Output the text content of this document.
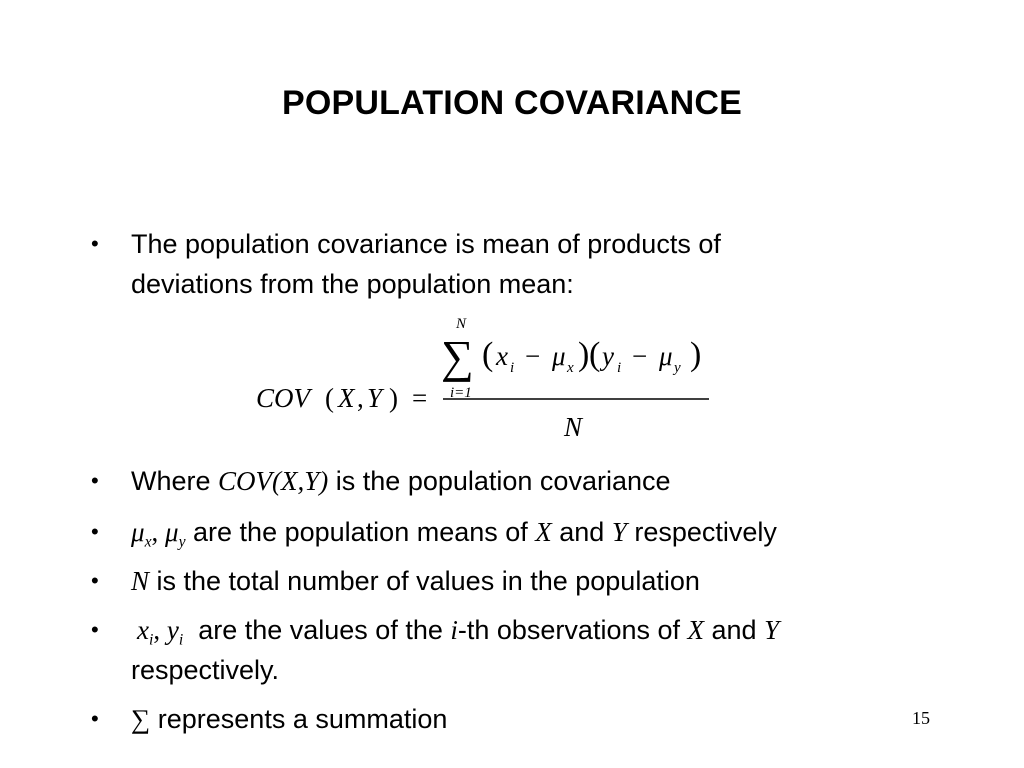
POPULATION COVARIANCE
•	The population covariance is mean of products of
deviations from the population mean:
COV ( X , Y ) =
N
∑
i=1
( x i − μ x ) ( y i − μ y )
N
•	Where COV(X,Y) is the population covariance
•	$\mu_x$, $\mu_y$ are the population means of X and Y respectively
•	N is the total number of values in the population
•	$x_i$, $y_i$  are the values of the i-th observations of X and Y
respectively.
•	∑ represents a summation	15
